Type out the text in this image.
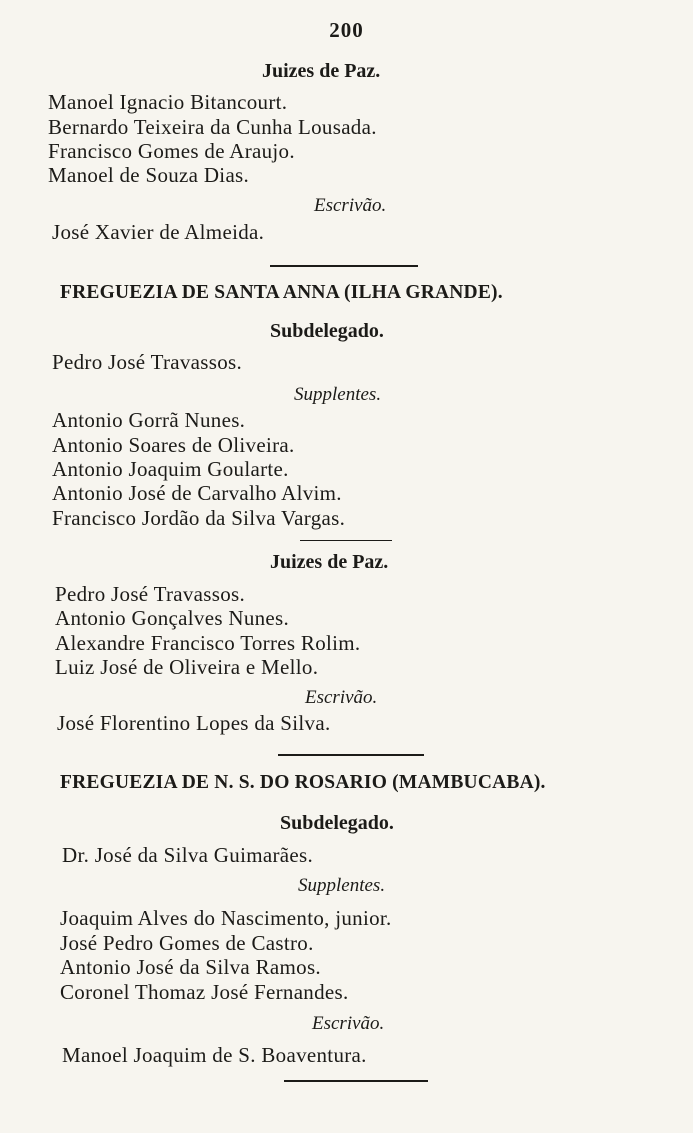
200
Juizes de Paz.
Manoel Ignacio Bitancourt.
Bernardo Teixeira da Cunha Lousada.
Francisco Gomes de Araujo.
Manoel de Souza Dias.
Escrivão.
José Xavier de Almeida.
FREGUEZIA DE SANTA ANNA (ILHA GRANDE).
Subdelegado.
Pedro José Travassos.
Supplentes.
Antonio Gorrã Nunes.
Antonio Soares de Oliveira.
Antonio Joaquim Goularte.
Antonio José de Carvalho Alvim.
Francisco Jordão da Silva Vargas.
Juizes de Paz.
Pedro José Travassos.
Antonio Gonçalves Nunes.
Alexandre Francisco Torres Rolim.
Luiz José de Oliveira e Mello.
Escrivão.
José Florentino Lopes da Silva.
FREGUEZIA DE N. S. DO ROSARIO (MAMBUCABA).
Subdelegado.
Dr. José da Silva Guimarães.
Supplentes.
Joaquim Alves do Nascimento, junior.
José Pedro Gomes de Castro.
Antonio José da Silva Ramos.
Coronel Thomaz José Fernandes.
Escrivão.
Manoel Joaquim de S. Boaventura.
